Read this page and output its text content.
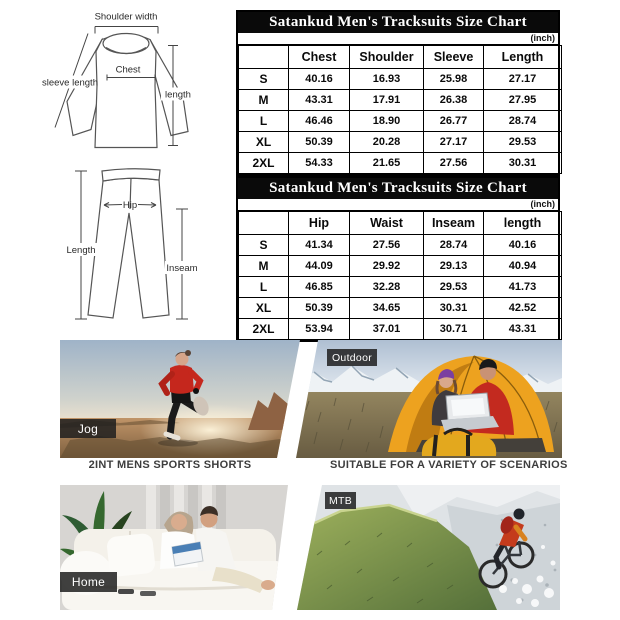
Shoulder width
sleeve length
Chest
length
Satankud Men's Tracksuits Size Chart
(inch)
	Chest	Shoulder	Sleeve	Length
S	40.16	16.93	25.98	27.17
M	43.31	17.91	26.38	27.95
L	46.46	18.90	26.77	28.74
XL	50.39	20.28	27.17	29.53
2XL	54.33	21.65	27.56	30.31
Hip
Length
Inseam
Satankud Men's Tracksuits Size Chart
(inch)
	Hip	Waist	Inseam	length
S	41.34	27.56	28.74	40.16
M	44.09	29.92	29.13	40.94
L	46.85	32.28	29.53	41.73
XL	50.39	34.65	30.31	42.52
2XL	53.94	37.01	30.71	43.31
2INT MENS SPORTS SHORTS	SUITABLE FOR A VARIETY OF SCENARIOS
Jog
Outdoor
Home
MTB
